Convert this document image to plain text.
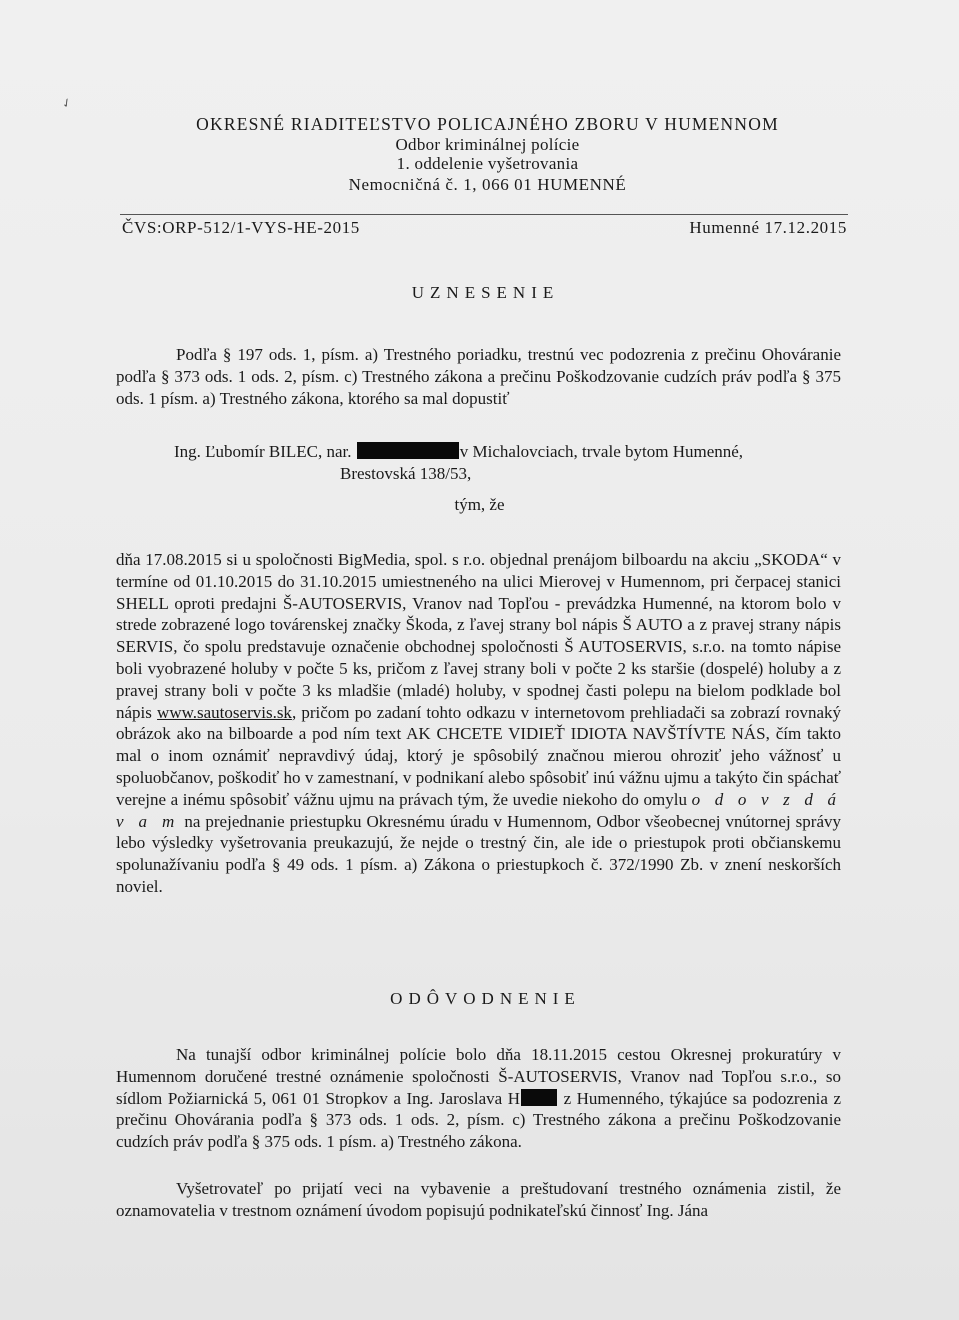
✓
OKRESNÉ RIADITEĽSTVO POLICAJNÉHO ZBORU V HUMENNOM
Odbor kriminálnej polície
1. oddelenie vyšetrovania
Nemocničná č. 1, 066 01 HUMENNÉ
ČVS:ORP-512/1-VYS-HE-2015	Humenné 17.12.2015
UZNESENIE

Podľa § 197 ods. 1, písm. a) Trestného poriadku, trestnú vec podozrenia z prečinu Ohováranie podľa § 373 ods. 1 ods. 2, písm. c) Trestného zákona a prečinu Poškodzovanie cudzích práv podľa § 375 ods. 1 písm. a) Trestného zákona, ktorého sa mal dopustiť

Ing. Ľubomír BILEC, nar.	v Michalovciach, trvale bytom Humenné,
Brestovská 138/53,
tým, že

dňa 17.08.2015 si u spoločnosti BigMedia, spol. s r.o. objednal prenájom bilboardu na akciu „SKODA“ v termíne od 01.10.2015 do 31.10.2015 umiestneného na ulici Mierovej v Humennom, pri čerpacej stanici SHELL oproti predajni Š-AUTOSERVIS, Vranov nad Topľou - prevádzka Humenné, na ktorom bolo v strede zobrazené logo továrenskej značky Škoda, z ľavej strany bol nápis Š AUTO a z pravej strany nápis SERVIS, čo spolu predstavuje označenie obchodnej spoločnosti Š AUTOSERVIS, s.r.o. na tomto nápise boli vyobrazené holuby v počte 5 ks, pričom z ľavej strany boli v počte 2 ks staršie (dospelé) holuby a z pravej strany boli v počte 3 ks mladšie (mladé) holuby, v spodnej časti polepu na bielom podklade bol nápis www.sautoservis.sk, pričom po zadaní tohto odkazu v internetovom prehliadači sa zobrazí rovnaký obrázok ako na bilboarde a pod ním text AK CHCETE VIDIEŤ IDIOTA NAVŠTÍVTE NÁS, čím takto mal o inom oznámiť nepravdivý údaj, ktorý je spôsobilý značnou mierou ohroziť jeho vážnosť u spoluobčanov, poškodiť ho v zamestnaní, v podnikaní alebo spôsobiť inú vážnu ujmu a takýto čin spáchať verejne a inému spôsobiť vážnu ujmu na právach tým, že uvedie niekoho do omylu o d o v z d á v a m na prejednanie priestupku Okresnému úradu v Humennom, Odbor všeobecnej vnútornej správy lebo výsledky vyšetrovania preukazujú, že nejde o trestný čin, ale ide o priestupok proti občianskemu spolunažívaniu podľa § 49 ods. 1 písm. a) Zákona o priestupkoch č. 372/1990 Zb. v znení neskorších noviel.

ODÔVODNENIE

Na tunajší odbor kriminálnej polície bolo dňa 18.11.2015 cestou Okresnej prokuratúry v Humennom doručené trestné oznámenie spoločnosti Š-AUTOSERVIS, Vranov nad Topľou s.r.o., so sídlom Požiarnická 5, 061 01 Stropkov a Ing. Jaroslava H	z Humenného, týkajúce sa podozrenia z prečinu Ohovárania podľa § 373 ods. 1 ods. 2, písm. c) Trestného zákona a prečinu Poškodzovanie cudzích práv podľa § 375 ods. 1 písm. a) Trestného zákona.

Vyšetrovateľ po prijatí veci na vybavenie a preštudovaní trestného oznámenia zistil, že oznamovatelia v trestnom oznámení úvodom popisujú podnikateľskú činnosť Ing. Jána
